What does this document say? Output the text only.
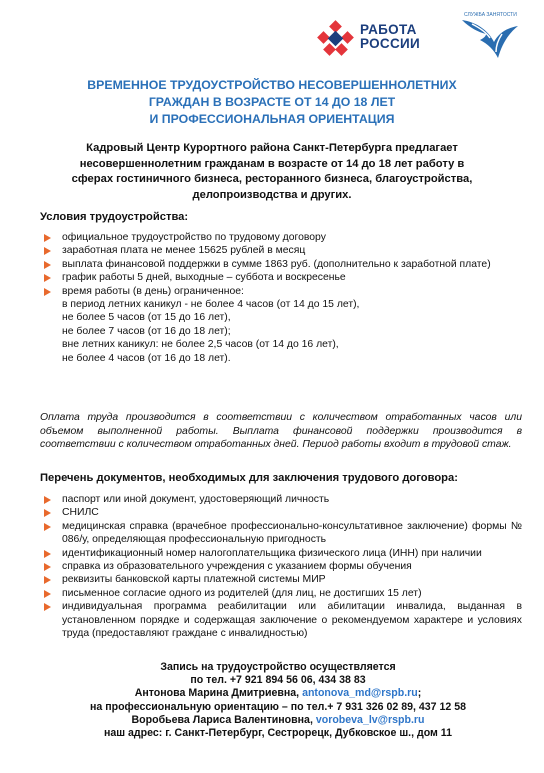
РАБОТА
РОССИИ
СЛУЖБА ЗАНЯТОСТИ
ВРЕМЕННОЕ ТРУДОУСТРОЙСТВО НЕСОВЕРШЕННОЛЕТНИХ
ГРАЖДАН В ВОЗРАСТЕ ОТ 14 ДО 18 ЛЕТ
И ПРОФЕССИОНАЛЬНАЯ ОРИЕНТАЦИЯ
Кадровый Центр Курортного района Санкт-Петербурга предлагает
несовершеннолетним гражданам в возрасте от 14 до 18 лет работу в
сферах гостиничного бизнеса, ресторанного бизнеса, благоустройства,
делопроизводства и других.
Условия трудоустройства:
официальное трудоустройство по трудовому договору
заработная плата не менее 15625 рублей в месяц
выплата финансовой поддержки в сумме 1863 руб. (дополнительно к заработной плате)
график работы 5 дней, выходные – суббота и воскресенье
время работы (в день) ограниченное:
в период летних каникул - не более 4 часов (от 14 до 15 лет),
не более 5 часов (от 15 до 16 лет),
не более 7 часов (от 16 до 18 лет);
вне летних каникул: не более 2,5 часов (от 14 до 16 лет),
не более 4 часов (от 16 до 18 лет).
Оплата труда производится в соответствии с количеством отработанных часов или объемом выполненной работы. Выплата финансовой поддержки производится в соответствии с количеством отработанных дней. Период работы входит в трудовой стаж.
Перечень документов, необходимых для заключения трудового договора:
паспорт или иной документ, удостоверяющий личность
СНИЛС
медицинская справка (врачебное профессионально-консультативное заключение) формы № 086/у, определяющая профессиональную пригодность
идентификационный номер налогоплательщика физического лица (ИНН) при наличии
справка из образовательного учреждения с указанием формы обучения
реквизиты банковской карты платежной системы МИР
письменное согласие одного из родителей (для лиц, не достигших 15 лет)
индивидуальная программа реабилитации или абилитации инвалида, выданная в установленном порядке и содержащая заключение о рекомендуемом характере и условиях труда (предоставляют граждане с инвалидностью)
Запись на трудоустройство осуществляется
по тел. +7 921 894 56 06, 434 38 83
Антонова Марина Дмитриевна, antonova_md@rspb.ru;
на профессиональную ориентацию – по тел.+ 7 931 326 02 89, 437 12 58
Воробьева Лариса Валентиновна, vorobeva_lv@rspb.ru
наш адрес: г. Санкт-Петербург, Сестрорецк, Дубковское ш., дом 11
